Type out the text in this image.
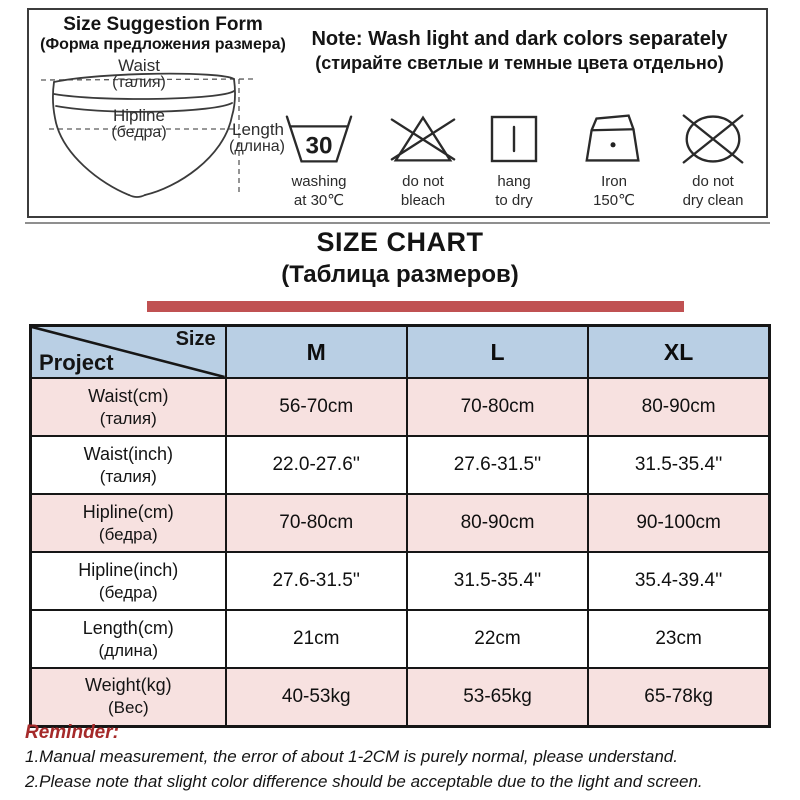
Size Suggestion Form
(Форма предложения размера)
Waist
(талия)
Hipline
(бедра)	Length
(длина)
Note: Wash light and dark colors separately
(стирайте светлые и темные цвета отдельно)
30
washing
at 30℃
do not
bleach
hang
to dry
Iron
150℃
do not
dry clean
SIZE CHART
(Таблица размеров)
Size
Project	M	L	XL

Waist(cm)
(талия)	56-70cm	70-80cm	80-90cm

Waist(inch)
(талия)	22.0-27.6''	27.6-31.5''	31.5-35.4''

Hipline(cm)
(бедра)	70-80cm	80-90cm	90-100cm

Hipline(inch)
(бедра)	27.6-31.5''	31.5-35.4''	35.4-39.4''

Length(cm)
(длина)	21cm	22cm	23cm

Weight(kg)
(Вес)	40-53kg	53-65kg	65-78kg
Reminder:
1.Manual measurement, the error of about 1-2CM is purely normal, please understand.
2.Please note that slight color difference should be acceptable due to the light and screen.
